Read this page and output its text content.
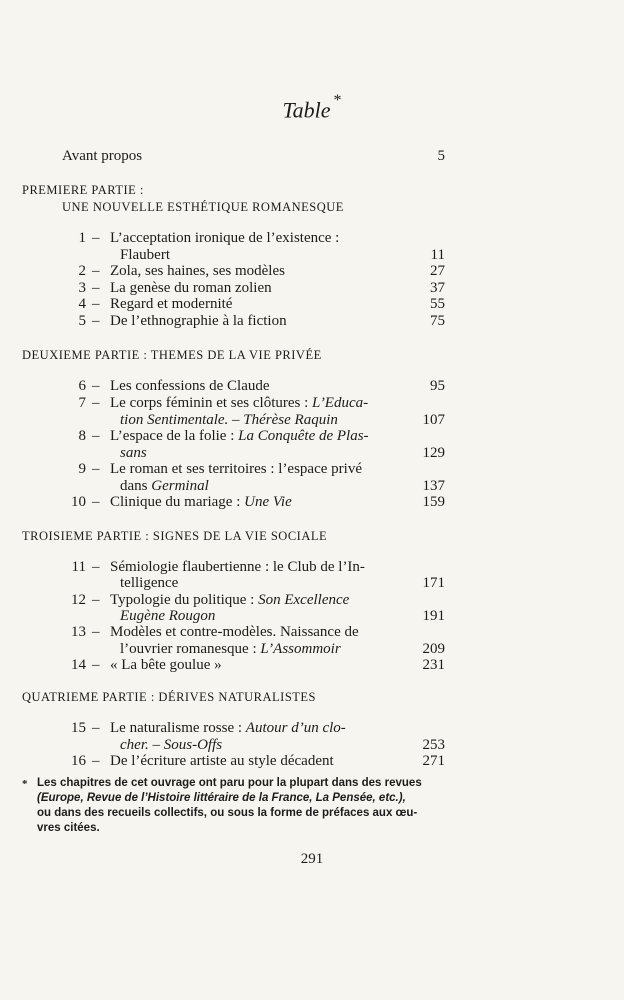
Table *
Avant propos	5
PREMIERE PARTIE :
UNE NOUVELLE ESTHÉTIQUE ROMANESQUE
1 – L’acceptation ironique de l’existence :
Flaubert	11
2 – Zola, ses haines, ses modèles	27
3 – La genèse du roman zolien	37
4 – Regard et modernité	55
5 – De l’ethnographie à la fiction	75
DEUXIEME PARTIE : THEMES DE LA VIE PRIVÉE
6 – Les confessions de Claude	95
7 – Le corps féminin et ses clôtures : L’Educa-
tion Sentimentale. – Thérèse Raquin	107
8 – L’espace de la folie : La Conquête de Plas-
sans	129
9 – Le roman et ses territoires : l’espace privé
dans Germinal	137
10 – Clinique du mariage : Une Vie	159
TROISIEME PARTIE : SIGNES DE LA VIE SOCIALE
11 – Sémiologie flaubertienne : le Club de l’In-
telligence	171
12 – Typologie du politique : Son Excellence
Eugène Rougon	191
13 – Modèles et contre-modèles. Naissance de
l’ouvrier romanesque : L’Assommoir	209
14 – « La bête goulue »	231
QUATRIEME PARTIE : DÉRIVES NATURALISTES
15 – Le naturalisme rosse : Autour d’un clo-
cher. – Sous-Offs	253
16 – De l’écriture artiste au style décadent	271
* Les chapitres de cet ouvrage ont paru pour la plupart dans des revues
(Europe, Revue de l’Histoire littéraire de la France, La Pensée, etc.),
ou dans des recueils collectifs, ou sous la forme de préfaces aux œu-
vres citées.
291
